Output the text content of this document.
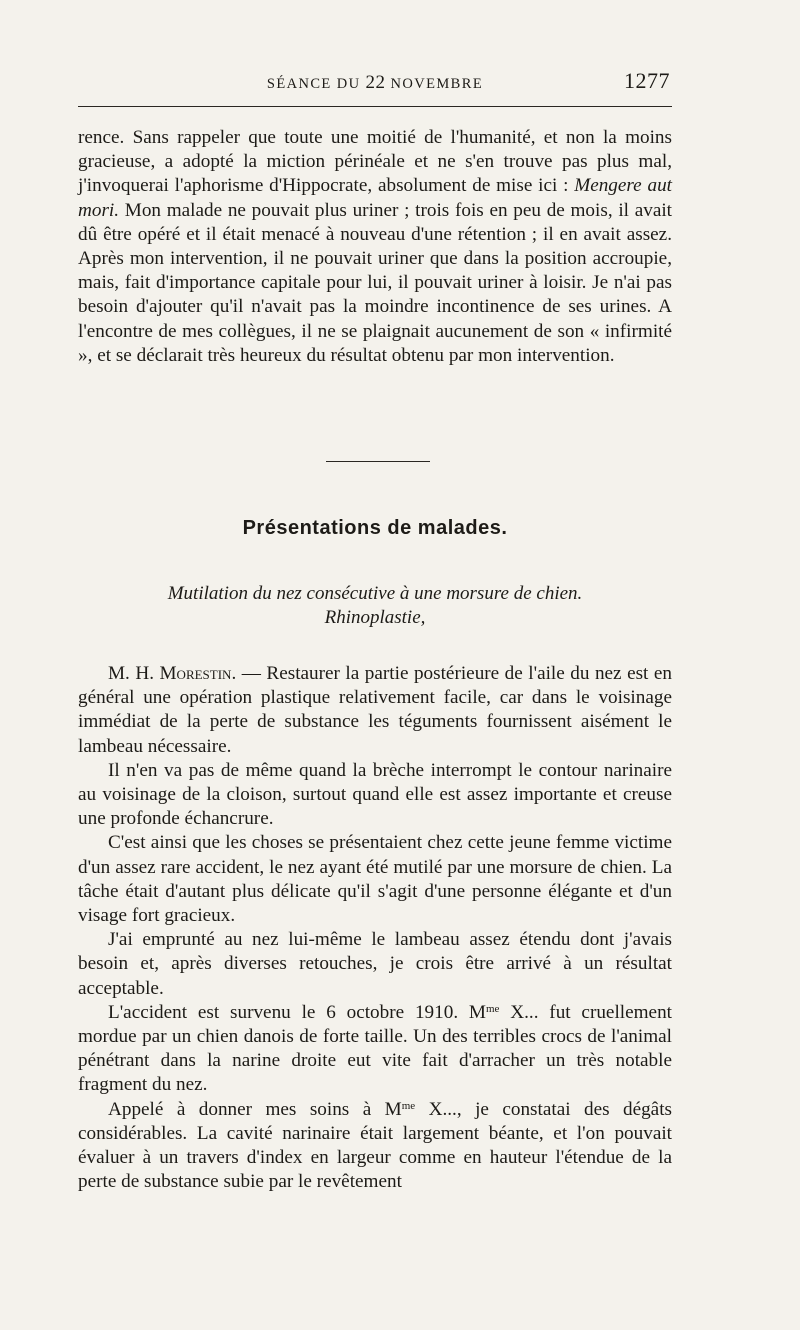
SÉANCE DU 22 NOVEMBRE	1277

rence. Sans rappeler que toute une moitié de l'humanité, et non la moins gracieuse, a adopté la miction périnéale et ne s'en trouve pas plus mal, j'invoquerai l'aphorisme d'Hippocrate, absolument de mise ici : Mengere aut mori. Mon malade ne pouvait plus uriner ; trois fois en peu de mois, il avait dû être opéré et il était menacé à nouveau d'une rétention ; il en avait assez. Après mon intervention, il ne pouvait uriner que dans la position accroupie, mais, fait d'importance capitale pour lui, il pouvait uriner à loisir. Je n'ai pas besoin d'ajouter qu'il n'avait pas la moindre incontinence de ses urines. A l'encontre de mes collègues, il ne se plaignait aucunement de son « infirmité », et se déclarait très heureux du résultat obtenu par mon intervention.

Présentations de malades.
Mutilation du nez consécutive à une morsure de chien.
Rhinoplastie,

M. H. Morestin. — Restaurer la partie postérieure de l'aile du nez est en général une opération plastique relativement facile, car dans le voisinage immédiat de la perte de substance les téguments fournissent aisément le lambeau nécessaire.

Il n'en va pas de même quand la brèche interrompt le contour narinaire au voisinage de la cloison, surtout quand elle est assez importante et creuse une profonde échancrure.

C'est ainsi que les choses se présentaient chez cette jeune femme victime d'un assez rare accident, le nez ayant été mutilé par une morsure de chien. La tâche était d'autant plus délicate qu'il s'agit d'une personne élégante et d'un visage fort gracieux.

J'ai emprunté au nez lui-même le lambeau assez étendu dont j'avais besoin et, après diverses retouches, je crois être arrivé à un résultat acceptable.

L'accident est survenu le 6 octobre 1910. $M^{me}$ X... fut cruellement mordue par un chien danois de forte taille. Un des terribles crocs de l'animal pénétrant dans la narine droite eut vite fait d'arracher un très notable fragment du nez.

Appelé à donner mes soins à $M^{me}$ X..., je constatai des dégâts considérables. La cavité narinaire était largement béante, et l'on pouvait évaluer à un travers d'index en largeur comme en hauteur l'étendue de la perte de substance subie par le revêtement
